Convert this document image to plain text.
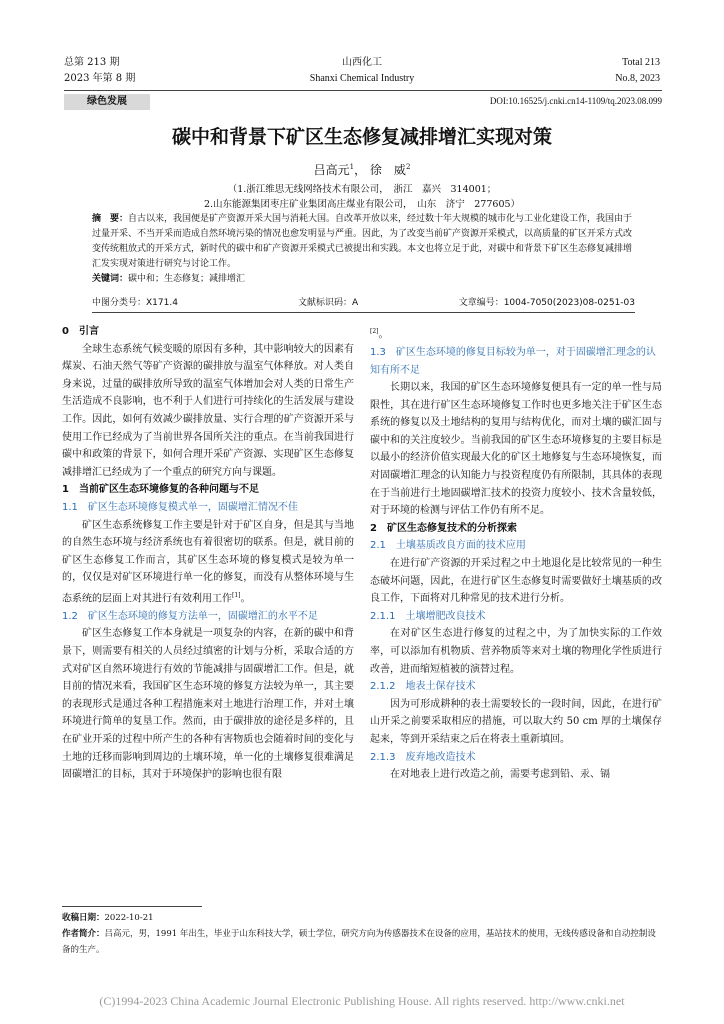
总第 213 期
2023 年第 8 期
山西化工
Shanxi Chemical Industry
Total 213
No.8, 2023
绿色发展	DOI:10.16525/j.cnki.cn14-1109/tq.2023.08.099
碳中和背景下矿区生态修复减排增汇实现对策
吕高元$^1$， 徐　威$^2$
（1.浙江维思无线网络技术有限公司，　浙江　嘉兴　314001；
2.山东能源集团枣庄矿业集团高庄煤业有限公司，　山东　济宁　277605）
摘　要：自古以来，我国便是矿产资源开采大国与消耗大国。自改革开放以来，经过数十年大规模的城市化与工业化建设工作，我国由于过量开采、不当开采而造成自然环境污染的情况也愈发明显与严重。因此，为了改变当前矿产资源开采模式，以高质量的矿区开采方式改变传统粗放式的开采方式，新时代的碳中和矿产资源开采模式已被提出和实践。本文也将立足于此，对碳中和背景下矿区生态修复减排增汇发实现对策进行研究与讨论工作。
关键词：碳中和；生态修复；减排增汇
中图分类号：X171.4	文献标识码：A	文章编号：1004-7050(2023)08-0251-03
0　引言

全球生态系统气候变暖的原因有多种，其中影响较大的因素有煤炭、石油天然气等矿产资源的碳排放与温室气体释放。对人类自身来说，过量的碳排放所导致的温室气体增加会对人类的日常生产生活造成不良影响，也不利于人们进行可持续化的生活发展与建设工作。因此，如何有效减少碳排放量、实行合理的矿产资源开采与使用工作已经成为了当前世界各国所关注的重点。在当前我国进行碳中和政策的背景下，如何合理开采矿产资源、实现矿区生态修复减排增汇已经成为了一个重点的研究方向与课题。

1　当前矿区生态环境修复的各种问题与不足
1.1　矿区生态环境修复模式单一，固碳增汇情况不佳

矿区生态系统修复工作主要是针对于矿区自身，但是其与当地的自然生态环境与经济系统也有着很密切的联系。但是，就目前的矿区生态修复工作而言，其矿区生态环境的修复模式是较为单一的，仅仅是对矿区环境进行单一化的修复，而没有从整体环境与生态系统的层面上对其进行有效利用工作[1]。

1.2　矿区生态环境的修复方法单一，固碳增汇的水平不足

矿区生态修复工作本身就是一项复杂的内容，在新的碳中和背景下，则需要有相关的人员经过缜密的计划与分析，采取合适的方式对矿区自然环境进行有效的节能减排与固碳增汇工作。但是，就目前的情况来看，我国矿区生态环境的修复方法较为单一，其主要的表现形式是通过各种工程措施来对土地进行治理工作，并对土壤环境进行简单的复垦工作。然而，由于碳排放的途径是多样的，且在矿业开采的过程中所产生的各种有害物质也会随着时间的变化与土地的迁移而影响到周边的土壤环境，单一化的土壤修复很难满足固碳增汇的目标，其对于环境保护的影响也很有限

[2]。

1.3　矿区生态环境的修复目标较为单一，对于固碳增汇理念的认知有所不足

长期以来，我国的矿区生态环境修复便具有一定的单一性与局限性，其在进行矿区生态环境修复工作时也更多地关注于矿区生态系统的修复以及土地结构的复用与结构优化，而对土壤的碳汇固与碳中和的关注度较少。当前我国的矿区生态环境修复的主要目标是以最小的经济价值实现最大化的矿区土地修复与生态环境恢复，而对固碳增汇理念的认知能力与投资程度仍有所限制，其具体的表现在于当前进行土地固碳增汇技术的投资力度较小、技术含量较低，对于环境的检测与评估工作仍有所不足。

2　矿区生态修复技术的分析探索
2.1　土壤基质改良方面的技术应用

在进行矿产资源的开采过程之中土地退化是比较常见的一种生态破坏问题，因此，在进行矿区生态修复时需要做好土壤基质的改良工作，下面将对几种常见的技术进行分析。

2.1.1　土壤增肥改良技术

在对矿区生态进行修复的过程之中，为了加快实际的工作效率，可以添加有机物质、营养物质等来对土壤的物理化学性质进行改善，进而缩短植被的演替过程。

2.1.2　地表土保存技术

因为可形成耕种的表土需要较长的一段时间，因此，在进行矿山开采之前要采取相应的措施，可以取大约 50 cm 厚的土壤保存起来，等到开采结束之后在将表土重新填回。

2.1.3　废弃地改造技术

在对地表上进行改造之前，需要考虑到铅、汞、镉

收稿日期：2022-10-21
作者简介：吕高元，男，1991 年出生，毕业于山东科技大学，硕士学位，研究方向为传感器技术在设备的应用，基站技术的使用，无线传感设备和自动控制设备的生产。
(C)1994-2023 China Academic Journal Electronic Publishing House. All rights reserved. http://www.cnki.net
